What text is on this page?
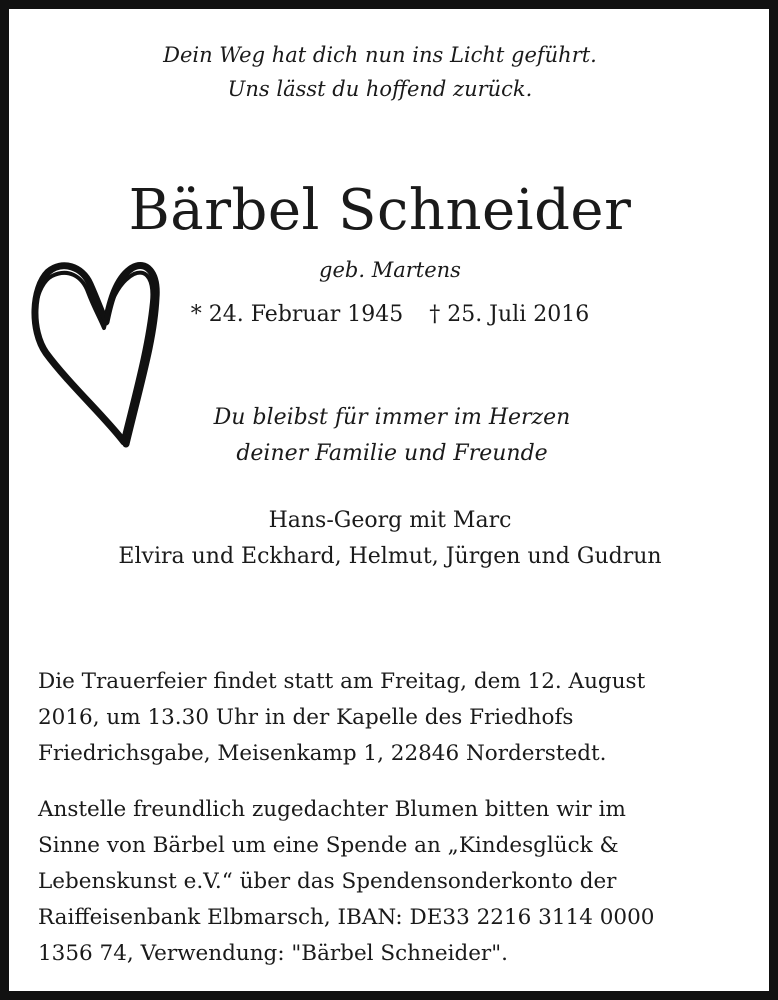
Dein Weg hat dich nun ins Licht geführt.
Uns lässt du hoffend zurück.
Bärbel Schneider
geb. Martens
* 24. Februar 1945 † 25. Juli 2016
Du bleibst für immer im Herzen
deiner Familie und Freunde
Hans-Georg mit Marc
Elvira und Eckhard, Helmut, Jürgen und Gudrun
Die Trauerfeier findet statt am Freitag, dem 12. August
2016, um 13.30 Uhr in der Kapelle des Friedhofs
Friedrichsgabe, Meisenkamp 1, 22846 Norderstedt.
Anstelle freundlich zugedachter Blumen bitten wir im
Sinne von Bärbel um eine Spende an „Kindesglück &
Lebenskunst e.V.“ über das Spendensonderkonto der
Raiffeisenbank Elbmarsch, IBAN: DE33 2216 3114 0000
1356 74, Verwendung: "Bärbel Schneider".
